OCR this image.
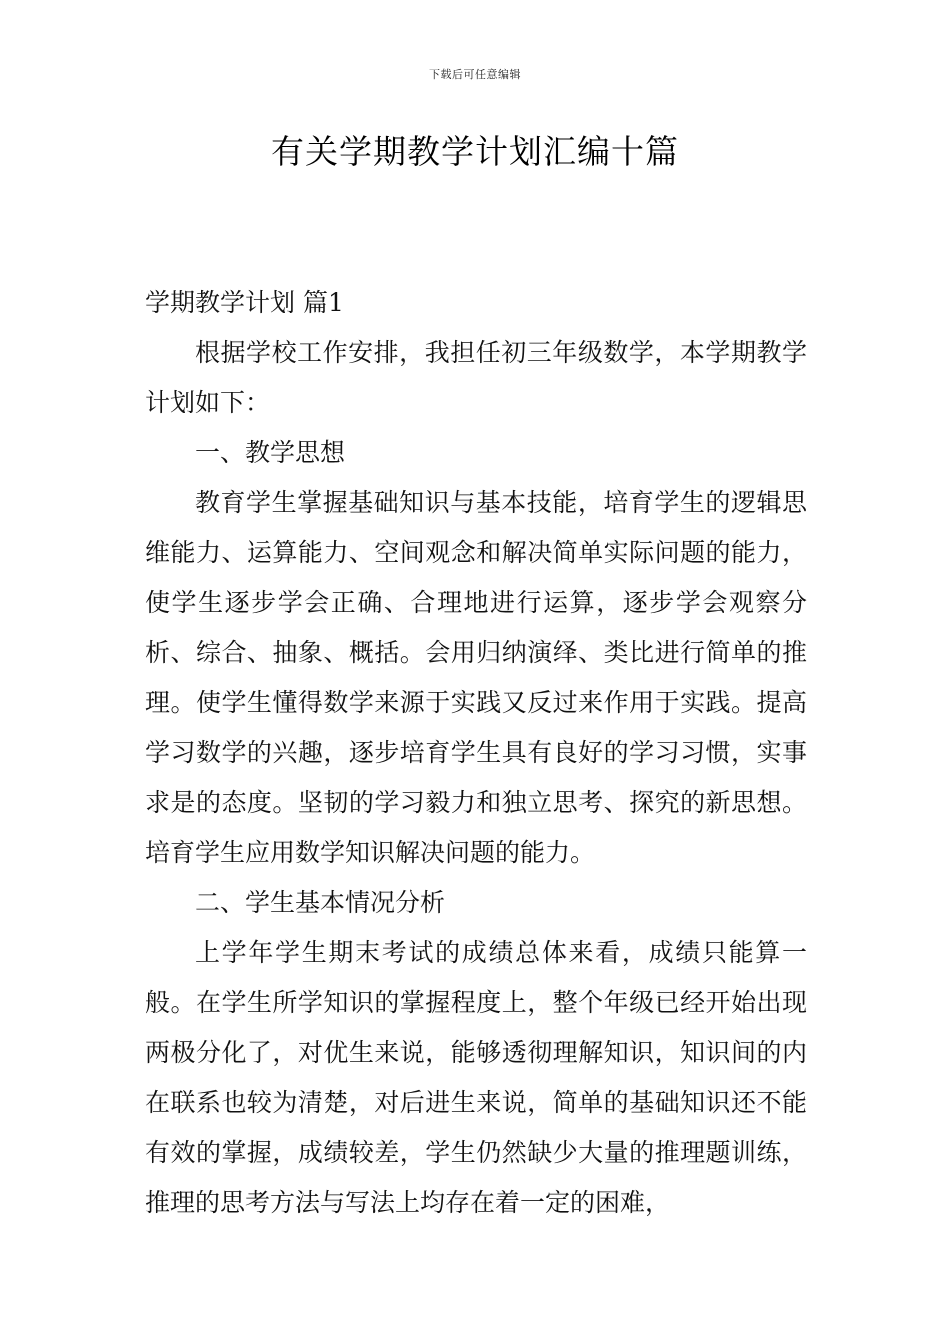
下载后可任意编辑
有关学期教学计划汇编十篇

学期教学计划 篇1

根据学校工作安排，我担任初三年级数学，本学期教学计划如下：

一、教学思想

教育学生掌握基础知识与基本技能，培育学生的逻辑思维能力、运算能力、空间观念和解决简单实际问题的能力，使学生逐步学会正确、合理地进行运算，逐步学会观察分析、综合、抽象、概括。会用归纳演绎、类比进行简单的推理。使学生懂得数学来源于实践又反过来作用于实践。提高学习数学的兴趣，逐步培育学生具有良好的学习习惯，实事求是的态度。坚韧的学习毅力和独立思考、探究的新思想。培育学生应用数学知识解决问题的能力。

二、学生基本情况分析

上学年学生期末考试的成绩总体来看，成绩只能算一般。在学生所学知识的掌握程度上，整个年级已经开始出现两极分化了，对优生来说，能够透彻理解知识，知识间的内在联系也较为清楚，对后进生来说，简单的基础知识还不能有效的掌握，成绩较差，学生仍然缺少大量的推理题训练，推理的思考方法与写法上均存在着一定的困难，
